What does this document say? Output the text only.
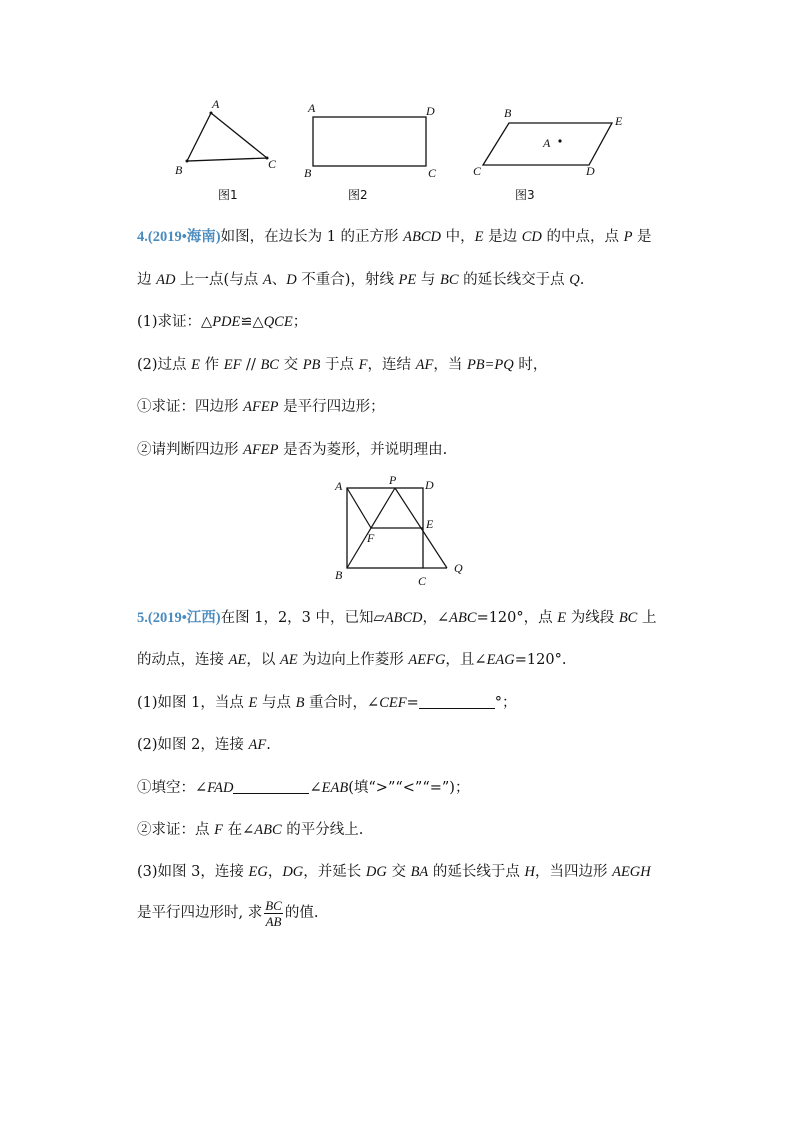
A
B	C
图1
A	D
B	C
图2
B
E
A
C	D
图3
4.(2019•海南)如图，在边长为 1 的正方形 ABCD 中，E 是边 CD 的中点，点 P 是
边 AD 上一点(与点 A、D 不重合)，射线 PE 与 BC 的延长线交于点 Q.
(1)求证：△PDE≌△QCE；
(2)过点 E 作 EF // BC 交 PB 于点 F，连结 AF，当 PB=PQ 时，
①求证：四边形 AFEP 是平行四边形；
②请判断四边形 AFEP 是否为菱形，并说明理由.
A	P D
E
F
B	C
Q
5.(2019•江西)在图 1，2，3 中，已知▱ABCD，∠ABC=120°，点 E 为线段 BC 上
的动点，连接 AE，以 AE 为边向上作菱形 AEFG，且∠EAG=120°.
(1)如图 1，当点 E 与点 B 重合时，∠CEF=	°；
(2)如图 2，连接 AF.
①填空：∠FAD	∠EAB(填“>”“<”“=”)；
②求证：点 F 在∠ABC 的平分线上.
(3)如图 3，连接 EG，DG，并延长 DG 交 BA 的延长线于点 H，当四边形 AEGH
是平行四边形时, 求 $\frac{BC}{AB}$ 的值.
